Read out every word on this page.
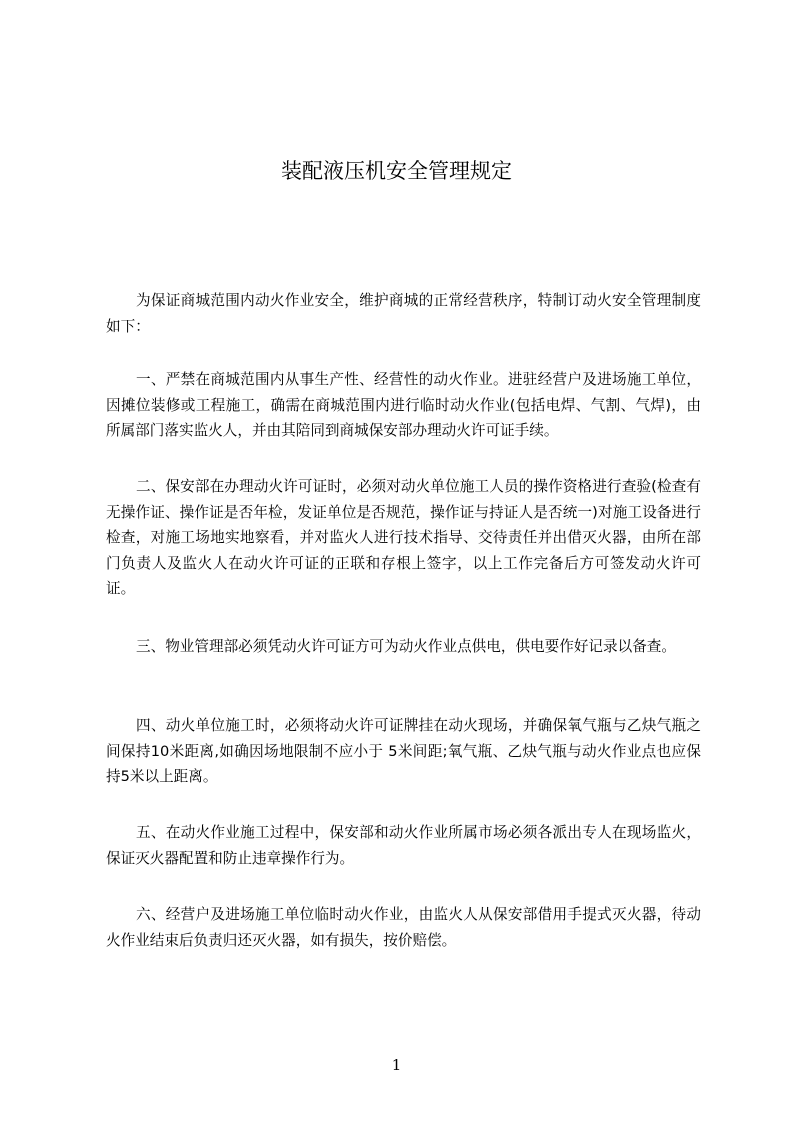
装配液压机安全管理规定

为保证商城范围内动火作业安全，维护商城的正常经营秩序，特制订动火安全管理制度如下：

一、严禁在商城范围内从事生产性、经营性的动火作业。进驻经营户及进场施工单位，因摊位装修或工程施工，确需在商城范围内进行临时动火作业(包括电焊、气割、气焊)，由所属部门落实监火人，并由其陪同到商城保安部办理动火许可证手续。

二、保安部在办理动火许可证时，必须对动火单位施工人员的操作资格进行查验(检查有无操作证、操作证是否年检，发证单位是否规范，操作证与持证人是否统一)对施工设备进行检查，对施工场地实地察看，并对监火人进行技术指导、交待责任并出借灭火器，由所在部门负责人及监火人在动火许可证的正联和存根上签字，以上工作完备后方可签发动火许可证。

三、物业管理部必须凭动火许可证方可为动火作业点供电，供电要作好记录以备查。

四、动火单位施工时，必须将动火许可证牌挂在动火现场，并确保氧气瓶与乙炔气瓶之间保持10米距离,如确因场地限制不应小于 5米间距;氧气瓶、乙炔气瓶与动火作业点也应保持5米以上距离。

五、在动火作业施工过程中，保安部和动火作业所属市场必须各派出专人在现场监火，保证灭火器配置和防止违章操作行为。

六、经营户及进场施工单位临时动火作业，由监火人从保安部借用手提式灭火器，待动火作业结束后负责归还灭火器，如有损失，按价赔偿。

1
